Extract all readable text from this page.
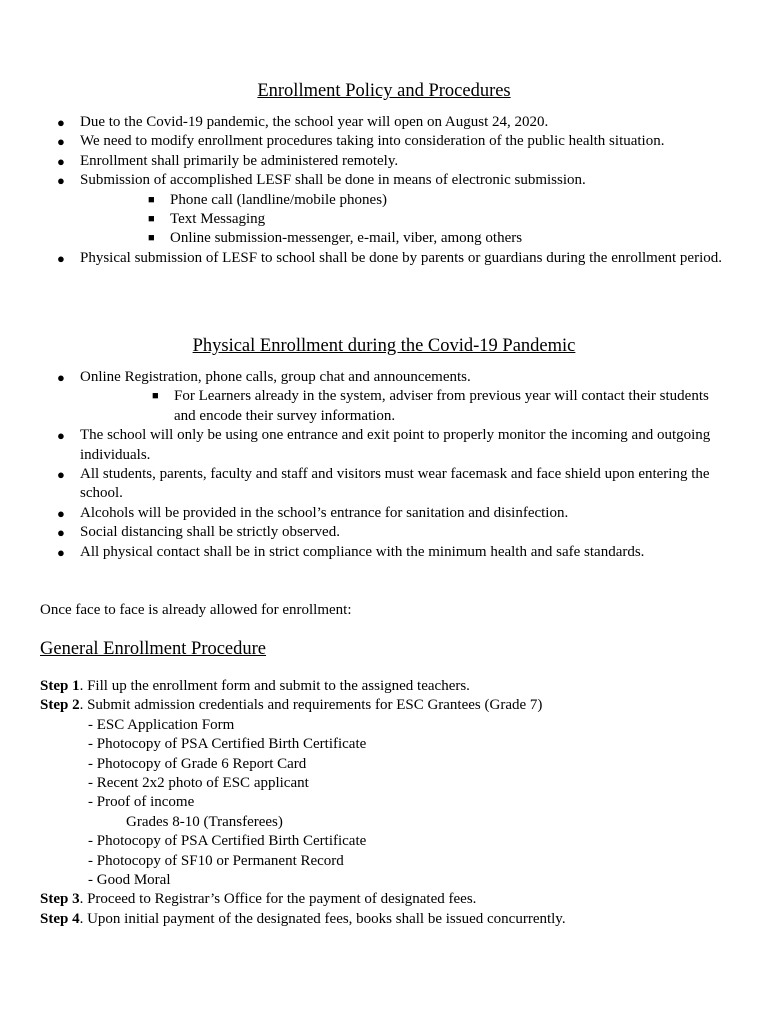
Enrollment Policy and Procedures
● Due to the Covid-19 pandemic, the school year will open on August 24, 2020.
● We need to modify enrollment procedures taking into consideration of the public health situation.
● Enrollment shall primarily be administered remotely.
● Submission of accomplished LESF shall be done in means of electronic submission.
■ Phone call (landline/mobile phones)
■ Text Messaging
■ Online submission-messenger, e-mail, viber, among others
● Physical submission of LESF to school shall be done by parents or guardians during the enrollment period.
Physical Enrollment during the Covid-19 Pandemic
● Online Registration, phone calls, group chat and announcements.
■ For Learners already in the system, adviser from previous year will contact their students and encode their survey information.
● The school will only be using one entrance and exit point to properly monitor the incoming and outgoing individuals.
● All students, parents, faculty and staff and visitors must wear facemask and face shield upon entering the school.
● Alcohols will be provided in the school’s entrance for sanitation and disinfection.
● Social distancing shall be strictly observed.
● All physical contact shall be in strict compliance with the minimum health and safe standards.

Once face to face is already allowed for enrollment:

General Enrollment Procedure
Step 1. Fill up the enrollment form and submit to the assigned teachers.
Step 2. Submit admission credentials and requirements for ESC Grantees (Grade 7)
- ESC Application Form
- Photocopy of PSA Certified Birth Certificate
- Photocopy of Grade 6 Report Card
- Recent 2x2 photo of ESC applicant
- Proof of income
Grades 8-10 (Transferees)
- Photocopy of PSA Certified Birth Certificate
- Photocopy of SF10 or Permanent Record
- Good Moral
Step 3. Proceed to Registrar’s Office for the payment of designated fees.
Step 4. Upon initial payment of the designated fees, books shall be issued concurrently.
